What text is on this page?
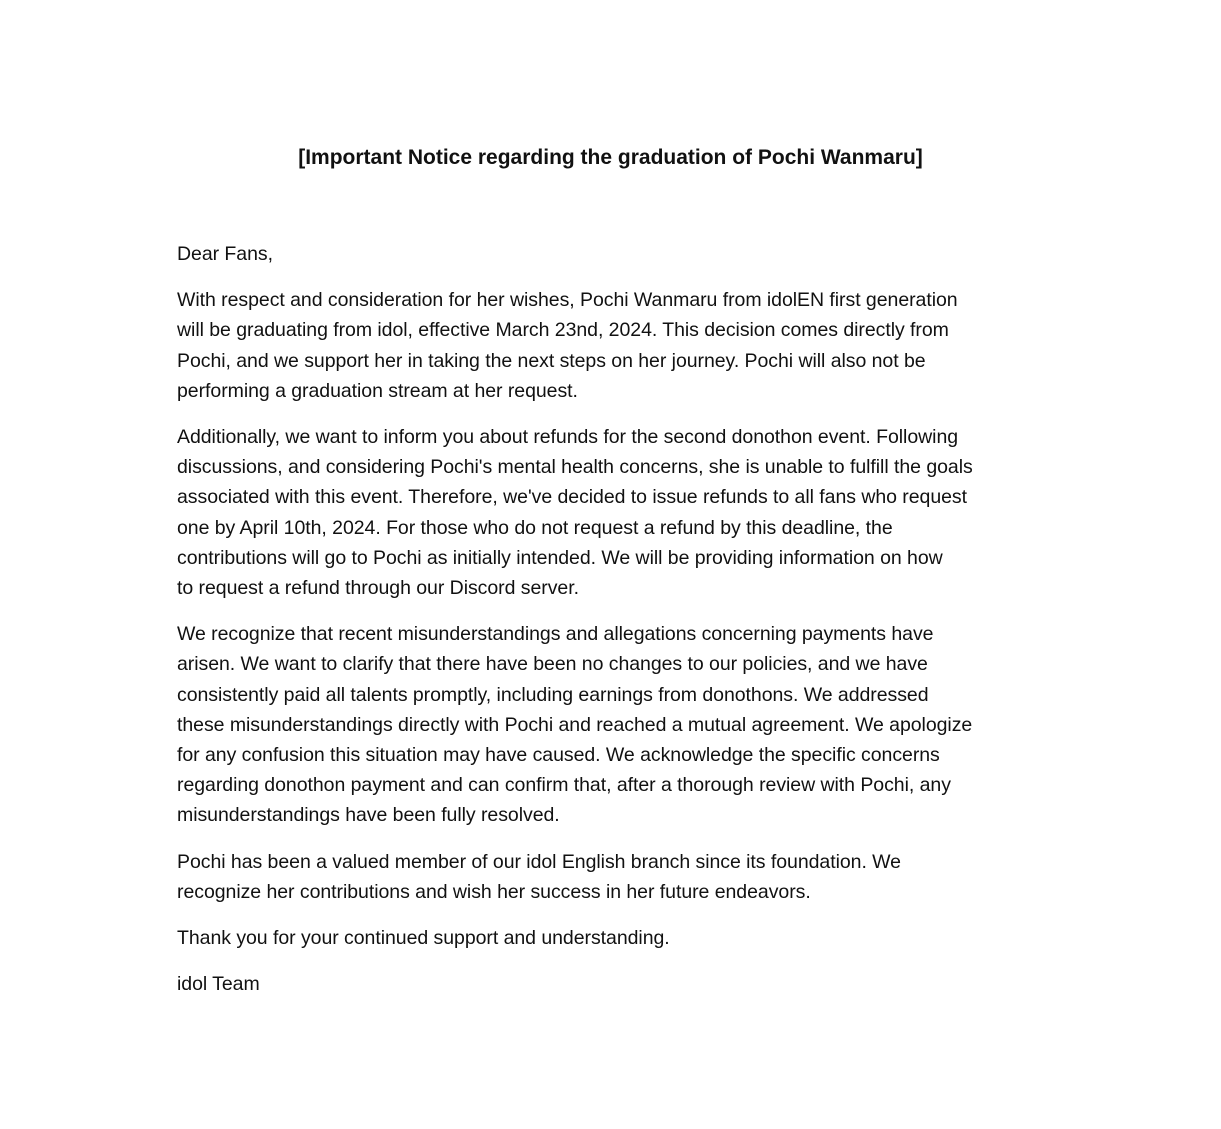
[Important Notice regarding the graduation of Pochi Wanmaru]

Dear Fans,

With respect and consideration for her wishes, Pochi Wanmaru from idolEN first generation
will be graduating from idol, effective March 23nd, 2024. This decision comes directly from
Pochi, and we support her in taking the next steps on her journey. Pochi will also not be
performing a graduation stream at her request.

Additionally, we want to inform you about refunds for the second donothon event. Following
discussions, and considering Pochi's mental health concerns, she is unable to fulfill the goals
associated with this event. Therefore, we've decided to issue refunds to all fans who request
one by April 10th, 2024. For those who do not request a refund by this deadline, the
contributions will go to Pochi as initially intended. We will be providing information on how
to request a refund through our Discord server.

We recognize that recent misunderstandings and allegations concerning payments have
arisen. We want to clarify that there have been no changes to our policies, and we have
consistently paid all talents promptly, including earnings from donothons. We addressed
these misunderstandings directly with Pochi and reached a mutual agreement. We apologize
for any confusion this situation may have caused. We acknowledge the specific concerns
regarding donothon payment and can confirm that, after a thorough review with Pochi, any
misunderstandings have been fully resolved.

Pochi has been a valued member of our idol English branch since its foundation. We
recognize her contributions and wish her success in her future endeavors.

Thank you for your continued support and understanding.

idol Team
